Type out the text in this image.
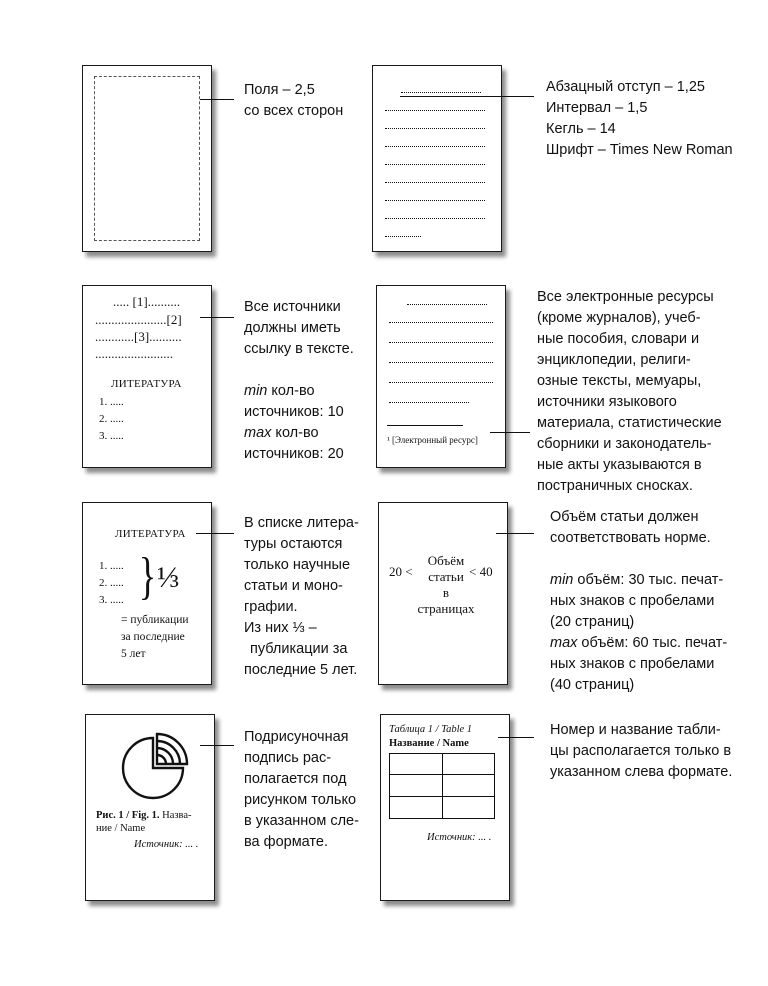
Поля – 2,5
со всех сторон
Абзацный отступ – 1,25
Интервал – 1,5
Кегль – 14
Шрифт – Times New Roman
..... [1]..........
......................[2]
............[3]..........
........................
ЛИТЕРАТУРА
1. .....
2. .....
3. .....
Все источники
должны иметь
ссылку в тексте.

min кол-во
источников: 10
max кол-во
источников: 20
¹ [Электронный ресурс]
Все электронные ресурсы
(кроме журналов), учеб-
ные пособия, словари и
энциклопедии, религи-
озные тексты, мемуары,
источники языкового
материала, статистические
сборники и законодатель-
ные акты указываются в
постраничных сносках.
ЛИТЕРАТУРА
1. .....
2. .....
3. ..... } ⅓
= публикации
за последние
5 лет
В списке литера-
туры остаются
только научные
статьи и моно-
графии.
Из них ⅓ –
публикации за
последние 5 лет.
20 <
Объём
статьи
в страницах
< 40
Объём статьи должен
соответствовать норме.

min объём: 30 тыс. печат-
ных знаков с пробелами
(20 страниц)
max объём: 60 тыс. печат-
ных знаков с пробелами
(40 страниц)
Рис. 1 / Fig. 1. Назва-
ние / Name
Источник: ... .
Подрисуночная
подпись рас-
полагается под
рисунком только
в указанном сле-
ва формате.
Таблица 1 / Table 1
Название / Name
Источник: ... .
Номер и название табли-
цы располагается только в
указанном слева формате.
